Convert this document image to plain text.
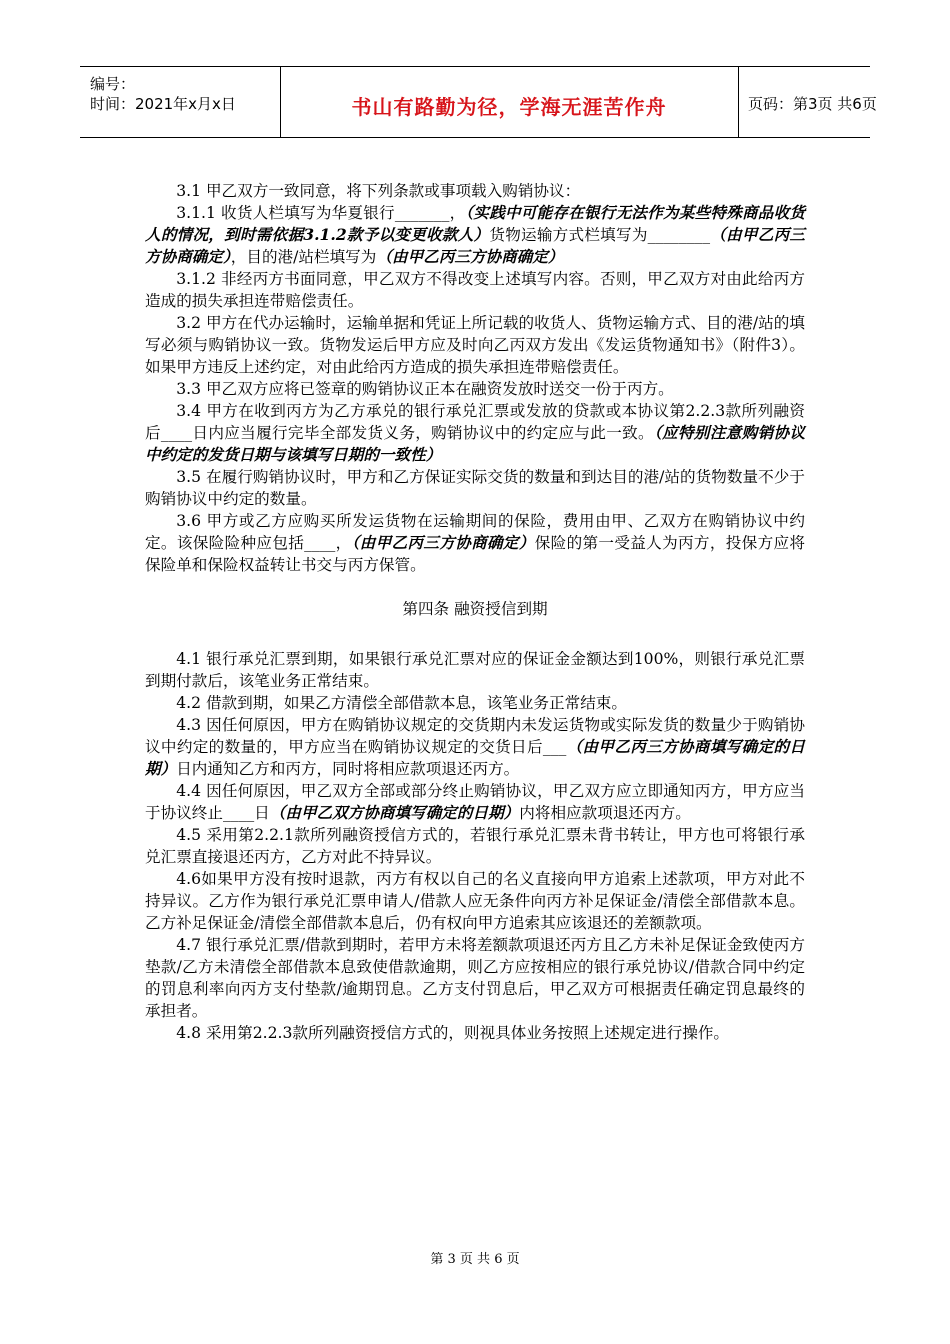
编号：
时间：2021年x月x日	书山有路勤为径，学海无涯苦作舟	页码：第3页 共6页

3.1 甲乙双方一致同意，将下列条款或事项载入购销协议：

3.1.1 收货人栏填写为华夏银行_______，（实践中可能存在银行无法作为某些特殊商品收货人的情况，到时需依据3.1.2款予以变更收款人）货物运输方式栏填写为________（由甲乙丙三方协商确定），目的港/站栏填写为（由甲乙丙三方协商确定）

3.1.2 非经丙方书面同意，甲乙双方不得改变上述填写内容。否则，甲乙双方对由此给丙方造成的损失承担连带赔偿责任。

3.2 甲方在代办运输时，运输单据和凭证上所记载的收货人、货物运输方式、目的港/站的填写必须与购销协议一致。货物发运后甲方应及时向乙丙双方发出《发运货物通知书》（附件3）。如果甲方违反上述约定，对由此给丙方造成的损失承担连带赔偿责任。

3.3 甲乙双方应将已签章的购销协议正本在融资发放时送交一份于丙方。

3.4 甲方在收到丙方为乙方承兑的银行承兑汇票或发放的贷款或本协议第2.2.3款所列融资后____日内应当履行完毕全部发货义务，购销协议中的约定应与此一致。（应特别注意购销协议中约定的发货日期与该填写日期的一致性）

3.5 在履行购销协议时，甲方和乙方保证实际交货的数量和到达目的港/站的货物数量不少于购销协议中约定的数量。

3.6 甲方或乙方应购买所发运货物在运输期间的保险，费用由甲、乙双方在购销协议中约定。该保险险种应包括____，（由甲乙丙三方协商确定）保险的第一受益人为丙方，投保方应将保险单和保险权益转让书交与丙方保管。

第四条 融资授信到期

4.1 银行承兑汇票到期，如果银行承兑汇票对应的保证金金额达到100%，则银行承兑汇票到期付款后，该笔业务正常结束。

4.2 借款到期，如果乙方清偿全部借款本息，该笔业务正常结束。

4.3 因任何原因，甲方在购销协议规定的交货期内未发运货物或实际发货的数量少于购销协议中约定的数量的，甲方应当在购销协议规定的交货日后___（由甲乙丙三方协商填写确定的日期）日内通知乙方和丙方，同时将相应款项退还丙方。

4.4 因任何原因，甲乙双方全部或部分终止购销协议，甲乙双方应立即通知丙方，甲方应当于协议终止____日（由甲乙双方协商填写确定的日期）内将相应款项退还丙方。

4.5 采用第2.2.1款所列融资授信方式的，若银行承兑汇票未背书转让，甲方也可将银行承兑汇票直接退还丙方，乙方对此不持异议。

4.6如果甲方没有按时退款，丙方有权以自己的名义直接向甲方追索上述款项，甲方对此不持异议。乙方作为银行承兑汇票申请人/借款人应无条件向丙方补足保证金/清偿全部借款本息。乙方补足保证金/清偿全部借款本息后，仍有权向甲方追索其应该退还的差额款项。

4.7 银行承兑汇票/借款到期时，若甲方未将差额款项退还丙方且乙方未补足保证金致使丙方垫款/乙方未清偿全部借款本息致使借款逾期，则乙方应按相应的银行承兑协议/借款合同中约定的罚息利率向丙方支付垫款/逾期罚息。乙方支付罚息后，甲乙双方可根据责任确定罚息最终的承担者。

4.8 采用第2.2.3款所列融资授信方式的，则视具体业务按照上述规定进行操作。

第 3 页 共 6 页
